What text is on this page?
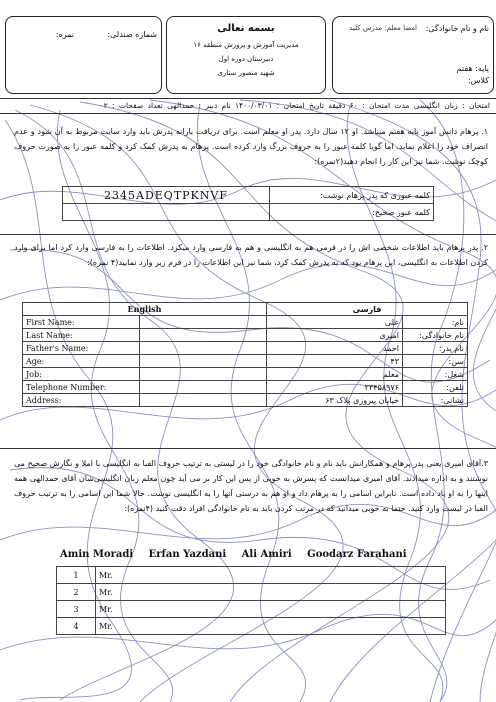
نام و نام خانوادگی:
امضا معلم: مدرس کلید
پایه: هفتم
کلاس:
بسمه تعالی
مدیریت آموزش و پرورش منطقه ۱۶
دبیرستان دوره اول
شهید منصور ستاری
شماره صندلی:
نمره:
امتحان : زبان انگلیسی مدت امتحان : ۶۰ دقیقه تاریخ امتحان : ۱۴۰۰/۰۳/۰۱ نام دبیر : حمدالهی تعداد صفحات : ۲
۱. پرهام دانش آموز پایه هفتم میباشد. او ۱۲ سال دارد. پدر او معلم است. برای دریافت یارانه پدرش باید وارد سایت مربوط به آن شود و عدم انصراف خود را اعلام نماید. اما گویا کلمه عبور را به حروف بزرگ وارد کرده است. پرهام به پدرش کمک کرد و کلمه عبور را به صورت حروف کوچک نوشت. شما نیز این کار را انجام دهید(۲نمره):
2345ADEQTPKNVF	کلمه عبوری که پدر پرهام نوشت:
	کلمه عبور صحیح:
۲. پدر پرهام باید اطلاعات شخصی اش را در فرمی هم به انگلیسی و هم به فارسی وارد میکرد. اطلاعات را به فارسی وارد کرد اما برای وارد کردن اطلاعات به انگلیسی، این پرهام بود که به پدرش کمک کرد، شما نیز این اطلاعات را در فرم زیر وارد نمایید(۴ نمره):
English		فارسی	
First Name:		علی	نام:
Last Name:		امیری	نام خانوادگی:
Father's Name:		احمد	نام پدر:
Age:		۴۳	سن:
Job:		معلم	شغل:
Telephone Number:		۲۳۴۵۸۹۷۶	تلفن:
Address:		خیابان پیروزی پلاک ۶۳	نشانی:
۳.آقای امیری یعنی پدر پرهام و همکارانش باید نام و نام خانوادگی خود را در لیستی به ترتیب حروف الفبا به انگلیسی با املا و نگارش صحیح می نوشتند و به اداره میدادند. آقای امیری میدانست که پسرش به خوبی از پس این کار بر می آید چون معلم زبان انگلیسی‌شان آقای حمدالهی همه اینها را به او یاد داده است. نابراین اسامی را به پرهام داد و او هم به درستی آنها را به انگلیسی نوشت. حالا شما این اسامی را به ترتیب حروف الفبا در لیست وارد کنید. حتما به خوبی میدانید که در مرتب کردن باید به نام خانوادگی افراد دقت کنید (۴نمره):
Amin Moradi Erfan Yazdani Ali Amiri Goodarz Farahani
1	Mr.
2	Mr.
3	Mr.
4	Mr.
